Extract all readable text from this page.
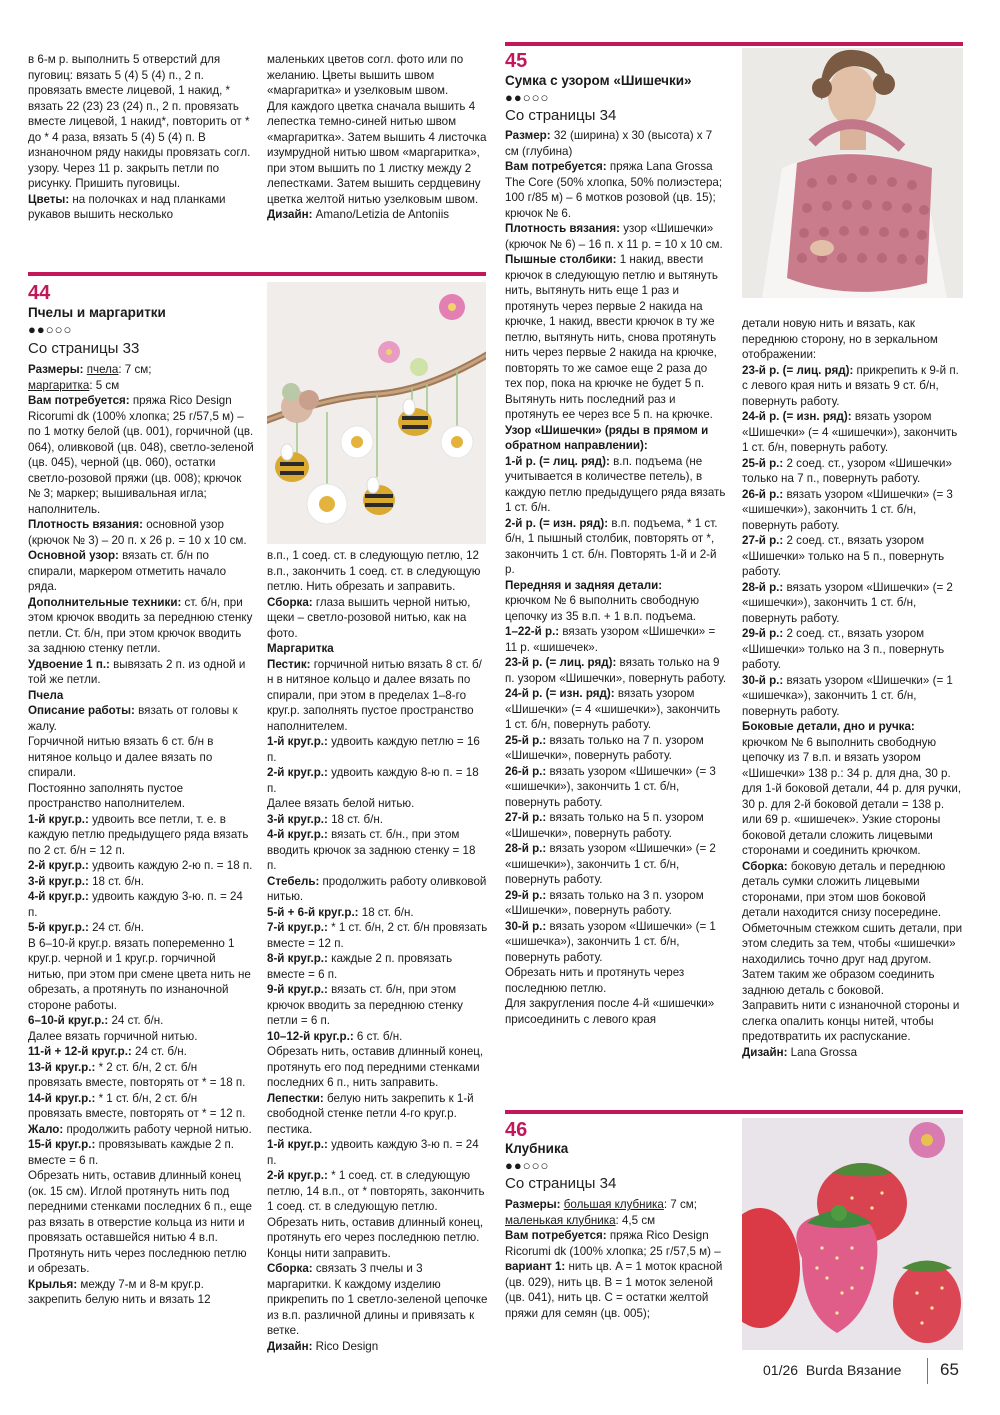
в 6-м р. выполнить 5 отверстий для пуговиц: вязать 5 (4) 5 (4) п., 2 п. провязать вместе лицевой, 1 накид, * вязать 22 (23) 23 (24) п., 2 п. провязать вместе лицевой, 1 накид*, повторить от * до * 4 раза, вязать 5 (4) 5 (4) п. В изнаночном ряду накиды провязать согл. узору. Через 11 р. закрыть петли по рисунку. Пришить пуговицы.

Цветы: на полочках и над планками рукавов вышить несколько

маленьких цветов согл. фото или по желанию. Цветы вышить швом «маргаритка» и узелковым швом.

Для каждого цветка сначала вышить 4 лепестка темно-синей нитью швом «маргаритка». Затем вышить 4 листочка изумрудной нитью швом «маргаритка», при этом вышить по 1 листку между 2 лепестками. Затем вышить сердцевину цветка желтой нитью узелковым швом.

Дизайн: Amano/Letizia de Antoniis

44
Пчелы и маргаритки
●●○○○
Со страницы 33

Размеры: пчела: 7 см;

маргаритка: 5 см

Вам потребуется: пряжа Rico Design Ricorumi dk (100% хлопка; 25 г/57,5 м) – по 1 мотку белой (цв. 001), горчичной (цв. 064), оливковой (цв. 048), светло-зеленой (цв. 045), черной (цв. 060), остатки светло-розовой пряжи (цв. 008); крючок № 3; маркер; вышивальная игла; наполнитель.

Плотность вязания: основной узор (крючок № 3) – 20 п. х 26 р. = 10 х 10 см.

Основной узор: вязать ст. б/н по спирали, маркером отметить начало ряда.

Дополнительные техники: ст. б/н, при этом крючок вводить за переднюю стенку петли. Ст. б/н, при этом крючок вводить за заднюю стенку петли.

Удвоение 1 п.: вывязать 2 п. из одной и той же петли.

Пчела

Описание работы: вязать от головы к жалу.

Горчичной нитью вязать 6 ст. б/н в нитяное кольцо и далее вязать по спирали.

Постоянно заполнять пустое пространство наполнителем.

1-й круг.р.: удвоить все петли, т. е. в каждую петлю предыдущего ряда вязать по 2 ст. б/н = 12 п.

2-й круг.р.: удвоить каждую 2-ю п. = 18 п.

3-й круг.р.: 18 ст. б/н.

4-й круг.р.: удвоить каждую 3-ю. п. = 24 п.

5-й круг.р.: 24 ст. б/н.

В 6–10-й круг.р. вязать попеременно 1 круг.р. черной и 1 круг.р. горчичной нитью, при этом при смене цвета нить не обрезать, а протянуть по изнаночной стороне работы.

6–10-й круг.р.: 24 ст. б/н.

Далее вязать горчичной нитью.

11-й + 12-й круг.р.: 24 ст. б/н.

13-й круг.р.: * 2 ст. б/н, 2 ст. б/н провязать вместе, повторять от * = 18 п.

14-й круг.р.: * 1 ст. б/н, 2 ст. б/н провязать вместе, повторять от * = 12 п.

Жало: продолжить работу черной нитью.

15-й круг.р.: провязывать каждые 2 п. вместе = 6 п.

Обрезать нить, оставив длинный конец (ок. 15 см). Иглой протянуть нить под передними стенками последних 6 п., еще раз вязать в отверстие кольца из нити и провязать оставшейся нитью 4 в.п. Протянуть нить через последнюю петлю и обрезать.

Крылья: между 7-м и 8-м круг.р. закрепить белую нить и вязать 12

в.п., 1 соед. ст. в следующую петлю, 12 в.п., закончить 1 соед. ст. в следующую петлю. Нить обрезать и заправить.

Сборка: глаза вышить черной нитью, щеки – светло-розовой нитью, как на фото.

Маргаритка

Пестик: горчичной нитью вязать 8 ст. б/н в нитяное кольцо и далее вязать по спирали, при этом в пределах 1–8-го круг.р. заполнять пустое пространство наполнителем.

1-й круг.р.: удвоить каждую петлю = 16 п.

2-й круг.р.: удвоить каждую 8-ю п. = 18 п.

Далее вязать белой нитью.

3-й круг.р.: 18 ст. б/н.

4-й круг.р.: вязать ст. б/н., при этом вводить крючок за заднюю стенку = 18 п.

Стебель: продолжить работу оливковой нитью.

5-й + 6-й круг.р.: 18 ст. б/н.

7-й круг.р.: * 1 ст. б/н, 2 ст. б/н провязать вместе = 12 п.

8-й круг.р.: каждые 2 п. провязать вместе = 6 п.

9-й круг.р.: вязать ст. б/н, при этом крючок вводить за переднюю стенку петли = 6 п.

10–12-й круг.р.: 6 ст. б/н.

Обрезать нить, оставив длинный конец, протянуть его под передними стенками последних 6 п., нить заправить.

Лепестки: белую нить закрепить к 1-й свободной стенке петли 4-го круг.р. пестика.

1-й круг.р.: удвоить каждую 3-ю п. = 24 п.

2-й круг.р.: * 1 соед. ст. в следующую петлю, 14 в.п., от * повторять, закончить 1 соед. ст. в следующую петлю. Обрезать нить, оставив длинный конец, протянуть его через последнюю петлю. Концы нити заправить.

Сборка: связать 3 пчелы и 3 маргаритки. К каждому изделию прикрепить по 1 светло-зеленой цепочке из в.п. различной длины и привязать к ветке.

Дизайн: Rico Design

45
Сумка с узором «Шишечки»
●●○○○
Со страницы 34

Размер: 32 (ширина) х 30 (высота) х 7 см (глубина)

Вам потребуется: пряжа Lana Grossa The Core (50% хлопка, 50% полиэстера; 100 г/85 м) – 6 мотков розовой (цв. 15); крючок № 6.

Плотность вязания: узор «Шишечки» (крючок № 6) – 16 п. х 11 р. = 10 х 10 см.

Пышные столбики: 1 накид, ввести крючок в следующую петлю и вытянуть нить, вытянуть нить еще 1 раз и протянуть через первые 2 накида на крючке, 1 накид, ввести крючок в ту же петлю, вытянуть нить, снова протянуть нить через первые 2 накида на крючке, повторять то же самое еще 2 раза до тех пор, пока на крючке не будет 5 п. Вытянуть нить последний раз и протянуть ее через все 5 п. на крючке.

Узор «Шишечки» (ряды в прямом и обратном направлении):

1-й р. (= лиц. ряд): в.п. подъема (не учитывается в количестве петель), в каждую петлю предыдущего ряда вязать 1 ст. б/н.

2-й р. (= изн. ряд): в.п. подъема, * 1 ст. б/н, 1 пышный столбик, повторять от *, закончить 1 ст. б/н. Повторять 1-й и 2-й р.

Передняя и задняя детали:

крючком № 6 выполнить свободную цепочку из 35 в.п. + 1 в.п. подъема.

1–22-й р.: вязать узором «Шишечки» = 11 р. «шишечек».

23-й р. (= лиц. ряд): вязать только на 9 п. узором «Шишечки», повернуть работу.

24-й р. (= изн. ряд): вязать узором «Шишечки» (= 4 «шишечки»), закончить 1 ст. б/н, повернуть работу.

25-й р.: вязать только на 7 п. узором «Шишечки», повернуть работу.

26-й р.: вязать узором «Шишечки» (= 3 «шишечки»), закончить 1 ст. б/н, повернуть работу.

27-й р.: вязать только на 5 п. узором «Шишечки», повернуть работу.

28-й р.: вязать узором «Шишечки» (= 2 «шишечки»), закончить 1 ст. б/н, повернуть работу.

29-й р.: вязать только на 3 п. узором «Шишечки», повернуть работу.

30-й р.: вязать узором «Шишечки» (= 1 «шишечка»), закончить 1 ст. б/н, повернуть работу.

Обрезать нить и протянуть через последнюю петлю.

Для закругления после 4-й «шишечки» присоединить с левого края

детали новую нить и вязать, как переднюю сторону, но в зеркальном отображении:

23-й р. (= лиц. ряд): прикрепить к 9-й п. с левого края нить и вязать 9 ст. б/н, повернуть работу.

24-й р. (= изн. ряд): вязать узором «Шишечки» (= 4 «шишечки»), закончить 1 ст. б/н, повернуть работу.

25-й р.: 2 соед. ст., узором «Шишечки» только на 7 п., повернуть работу.

26-й р.: вязать узором «Шишечки» (= 3 «шишечки»), закончить 1 ст. б/н, повернуть работу.

27-й р.: 2 соед. ст., вязать узором «Шишечки» только на 5 п., повернуть работу.

28-й р.: вязать узором «Шишечки» (= 2 «шишечки»), закончить 1 ст. б/н, повернуть работу.

29-й р.: 2 соед. ст., вязать узором «Шишечки» только на 3 п., повернуть работу.

30-й р.: вязать узором «Шишечки» (= 1 «шишечка»), закончить 1 ст. б/н, повернуть работу.

Боковые детали, дно и ручка:

крючком № 6 выполнить свободную цепочку из 7 в.п. и вязать узором «Шишечки» 138 р.: 34 р. для дна, 30 р. для 1-й боковой детали, 44 р. для ручки, 30 р. для 2-й боковой детали = 138 р. или 69 р. «шишечек». Узкие стороны боковой детали сложить лицевыми сторонами и соединить крючком.

Сборка: боковую деталь и переднюю деталь сумки сложить лицевыми сторонами, при этом шов боковой детали находится снизу посередине. Обметочным стежком сшить детали, при этом следить за тем, чтобы «шишечки» находились точно друг над другом.

Затем таким же образом соединить заднюю деталь с боковой.

Заправить нити с изнаночной стороны и слегка опалить концы нитей, чтобы предотвратить их распускание.

Дизайн: Lana Grossa

46
Клубника
●●○○○
Со страницы 34

Размеры: большая клубника: 7 см;

маленькая клубника: 4,5 см

Вам потребуется: пряжа Rico Design Ricorumi dk (100% хлопка; 25 г/57,5 м) –

вариант 1: нить цв. A = 1 моток красной (цв. 029), нить цв. B = 1 моток зеленой (цв. 041), нить цв. C = остатки желтой пряжи для семян (цв. 005);

01/26  Burda Вязание 65
